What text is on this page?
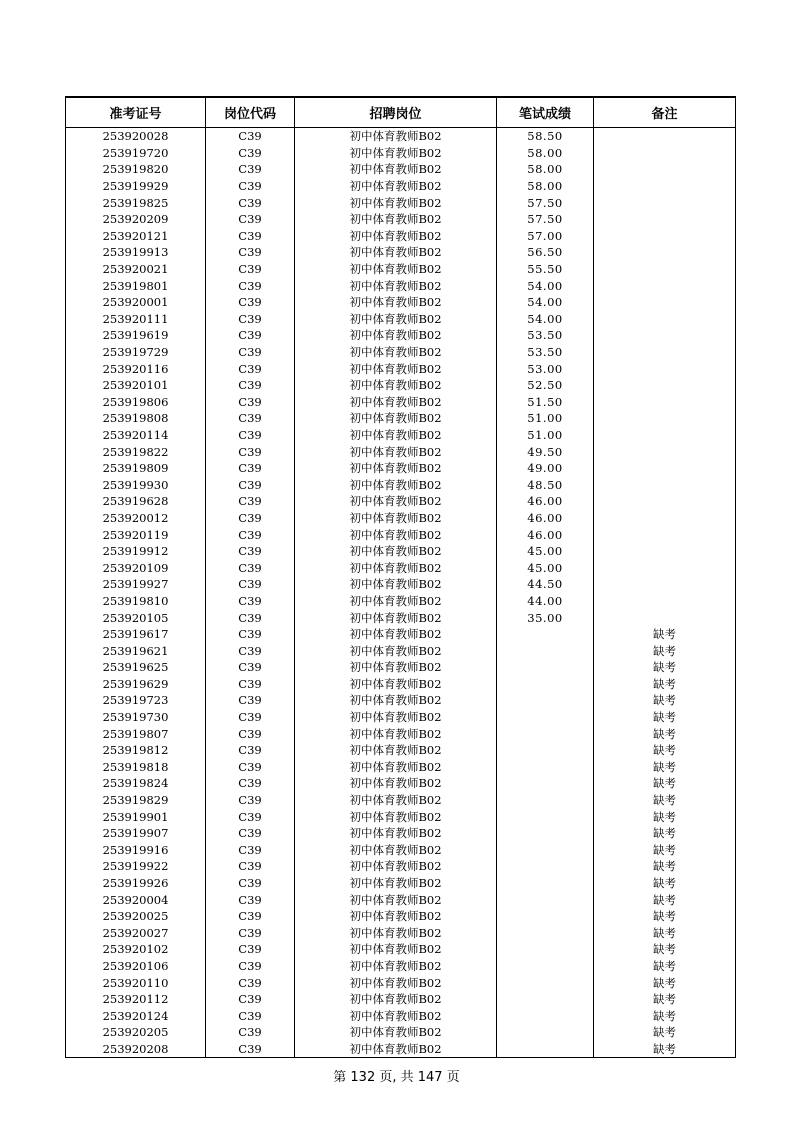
准考证号	岗位代码	招聘岗位	笔试成绩	备注
253920028	C39	初中体育教师B02	58.50	
253919720	C39	初中体育教师B02	58.00	
253919820	C39	初中体育教师B02	58.00	
253919929	C39	初中体育教师B02	58.00	
253919825	C39	初中体育教师B02	57.50	
253920209	C39	初中体育教师B02	57.50	
253920121	C39	初中体育教师B02	57.00	
253919913	C39	初中体育教师B02	56.50	
253920021	C39	初中体育教师B02	55.50	
253919801	C39	初中体育教师B02	54.00	
253920001	C39	初中体育教师B02	54.00	
253920111	C39	初中体育教师B02	54.00	
253919619	C39	初中体育教师B02	53.50	
253919729	C39	初中体育教师B02	53.50	
253920116	C39	初中体育教师B02	53.00	
253920101	C39	初中体育教师B02	52.50	
253919806	C39	初中体育教师B02	51.50	
253919808	C39	初中体育教师B02	51.00	
253920114	C39	初中体育教师B02	51.00	
253919822	C39	初中体育教师B02	49.50	
253919809	C39	初中体育教师B02	49.00	
253919930	C39	初中体育教师B02	48.50	
253919628	C39	初中体育教师B02	46.00	
253920012	C39	初中体育教师B02	46.00	
253920119	C39	初中体育教师B02	46.00	
253919912	C39	初中体育教师B02	45.00	
253920109	C39	初中体育教师B02	45.00	
253919927	C39	初中体育教师B02	44.50	
253919810	C39	初中体育教师B02	44.00	
253920105	C39	初中体育教师B02	35.00	
253919617	C39	初中体育教师B02		缺考
253919621	C39	初中体育教师B02		缺考
253919625	C39	初中体育教师B02		缺考
253919629	C39	初中体育教师B02		缺考
253919723	C39	初中体育教师B02		缺考
253919730	C39	初中体育教师B02		缺考
253919807	C39	初中体育教师B02		缺考
253919812	C39	初中体育教师B02		缺考
253919818	C39	初中体育教师B02		缺考
253919824	C39	初中体育教师B02		缺考
253919829	C39	初中体育教师B02		缺考
253919901	C39	初中体育教师B02		缺考
253919907	C39	初中体育教师B02		缺考
253919916	C39	初中体育教师B02		缺考
253919922	C39	初中体育教师B02		缺考
253919926	C39	初中体育教师B02		缺考
253920004	C39	初中体育教师B02		缺考
253920025	C39	初中体育教师B02		缺考
253920027	C39	初中体育教师B02		缺考
253920102	C39	初中体育教师B02		缺考
253920106	C39	初中体育教师B02		缺考
253920110	C39	初中体育教师B02		缺考
253920112	C39	初中体育教师B02		缺考
253920124	C39	初中体育教师B02		缺考
253920205	C39	初中体育教师B02		缺考
253920208	C39	初中体育教师B02		缺考
第 132 页, 共 147 页
